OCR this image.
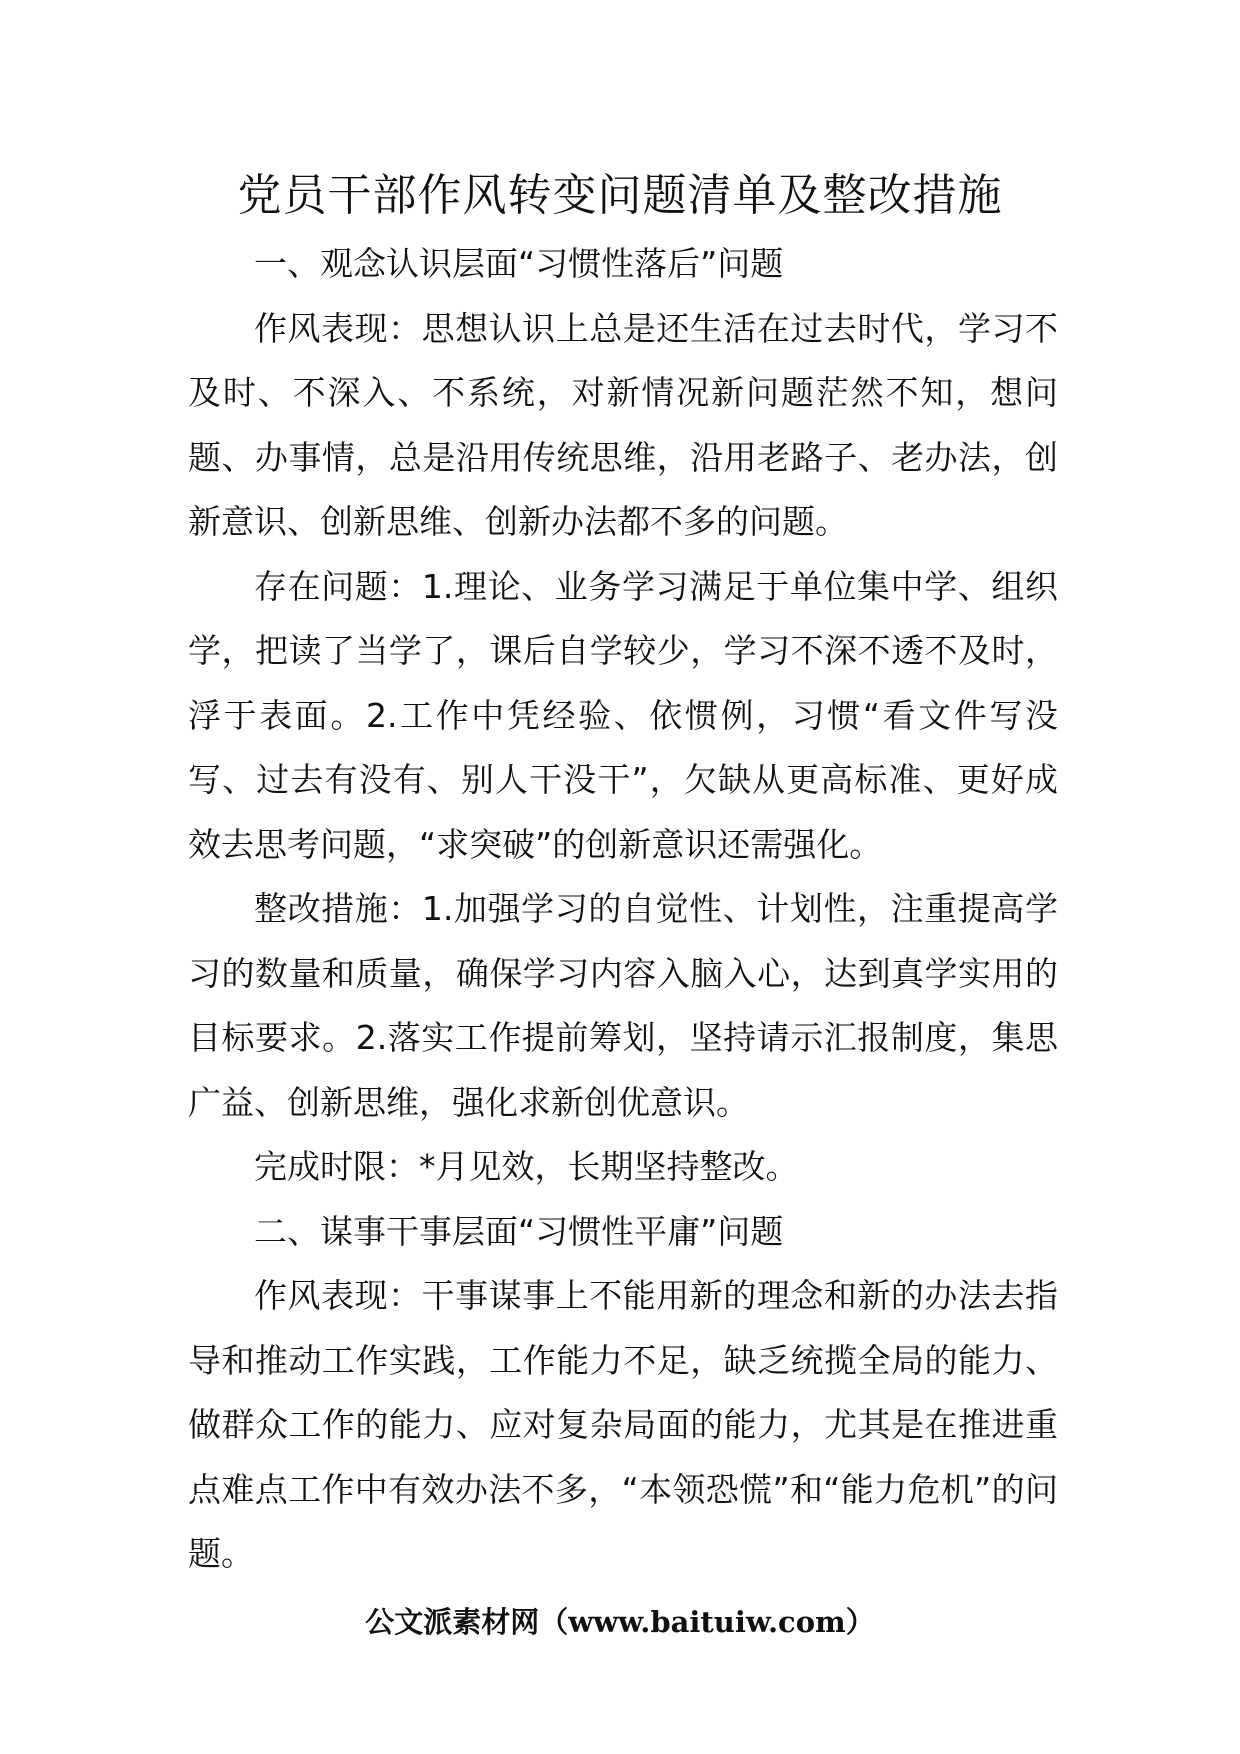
党员干部作风转变问题清单及整改措施

一、观念认识层面“习惯性落后”问题

作风表现：思想认识上总是还生活在过去时代，学习不及时、不深入、不系统，对新情况新问题茫然不知，想问题、办事情，总是沿用传统思维，沿用老路子、老办法，创新意识、创新思维、创新办法都不多的问题。

存在问题：1.理论、业务学习满足于单位集中学、组织学，把读了当学了，课后自学较少，学习不深不透不及时，浮于表面。2.工作中凭经验、依惯例，习惯“看文件写没写、过去有没有、别人干没干”，欠缺从更高标准、更好成效去思考问题，“求突破”的创新意识还需强化。

整改措施：1.加强学习的自觉性、计划性，注重提高学习的数量和质量，确保学习内容入脑入心，达到真学实用的目标要求。2.落实工作提前筹划，坚持请示汇报制度，集思广益、创新思维，强化求新创优意识。

完成时限：*月见效，长期坚持整改。

二、谋事干事层面“习惯性平庸”问题

作风表现：干事谋事上不能用新的理念和新的办法去指导和推动工作实践，工作能力不足，缺乏统揽全局的能力、做群众工作的能力、应对复杂局面的能力，尤其是在推进重点难点工作中有效办法不多，“本领恐慌”和“能力危机”的问题。

公文派素材网（www.baituiw.com）
